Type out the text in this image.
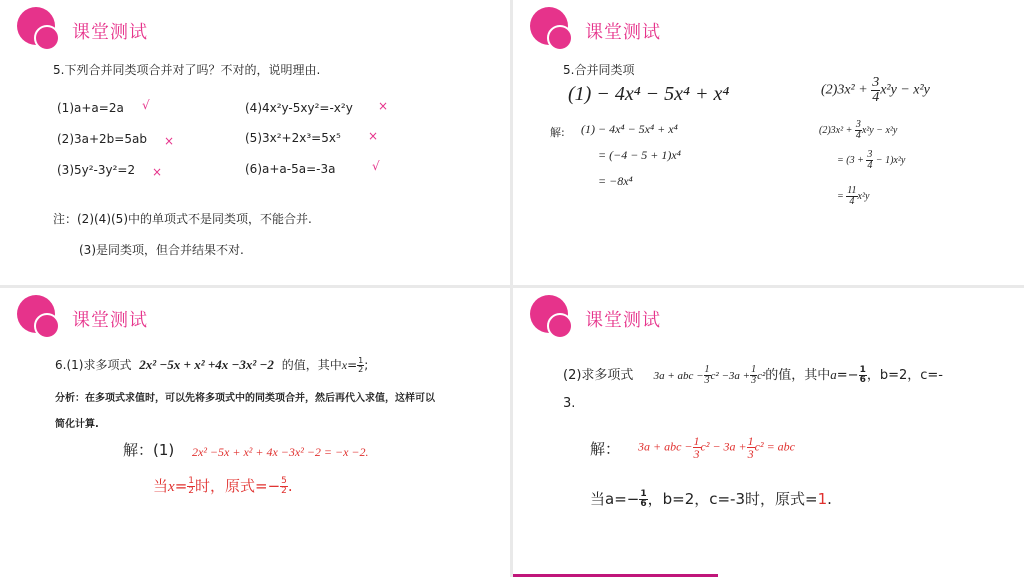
课堂测试
5.下列合并同类项合并对了吗？不对的，说明理由.
(1)a+a=2a √	(4)4x²y-5xy²=-x²y ×
(2)3a+2b=5ab ×	(5)3x²+2x³=5x⁵ ×
(3)5y²-3y²=2 ×	(6)a+a-5a=-3a	√
注：(2)(4)(5)中的单项式不是同类项，不能合并.
(3)是同类项，但合并结果不对.
课堂测试
5.合并同类项
(1) − 4x⁴ − 5x⁴ + x⁴	$(2)3x^2 + \frac{3}{4} x^2y - x^2y$
解: (1) − 4x⁴ − 5x⁴ + x⁴
= (−4 − 5 + 1)x⁴
= −8x⁴
$(2)3x^2 + \frac{3}{4} x^2y - x^2y$
= $(3 + \frac{3}{4} - 1)x^2y$
= $\frac{11}{4} x^2y$
课堂测试
6.(1)求多项式 2x² −5x + x² +4x −3x² −2 的值，其中$x= \frac{1}{2}$ ;
分析：在多项式求值时，可以先将多项式中的同类项合并，然后再代入求值，这样可以
简化计算.
解：(1) 2x² −5x + x² + 4x −3x² −2 = −x −2.
当$x= \frac{1}{2}$ 时，原式=− $\frac{5}{2}$ .
课堂测试
(2)求多项式 3a + abc − $\frac{1}{3} c^2 -3a + \frac{1}{3} c^2$的值，其中$a=- \frac{1}{6}$ ，b=2，c=-
3.
解： 3a + abc − $\frac{1}{3} c^2 - 3a + \frac{1}{3} c^2$ = abc
当$a=- \frac{1}{6}$ ，b=2，c=-3时，原式=1.
